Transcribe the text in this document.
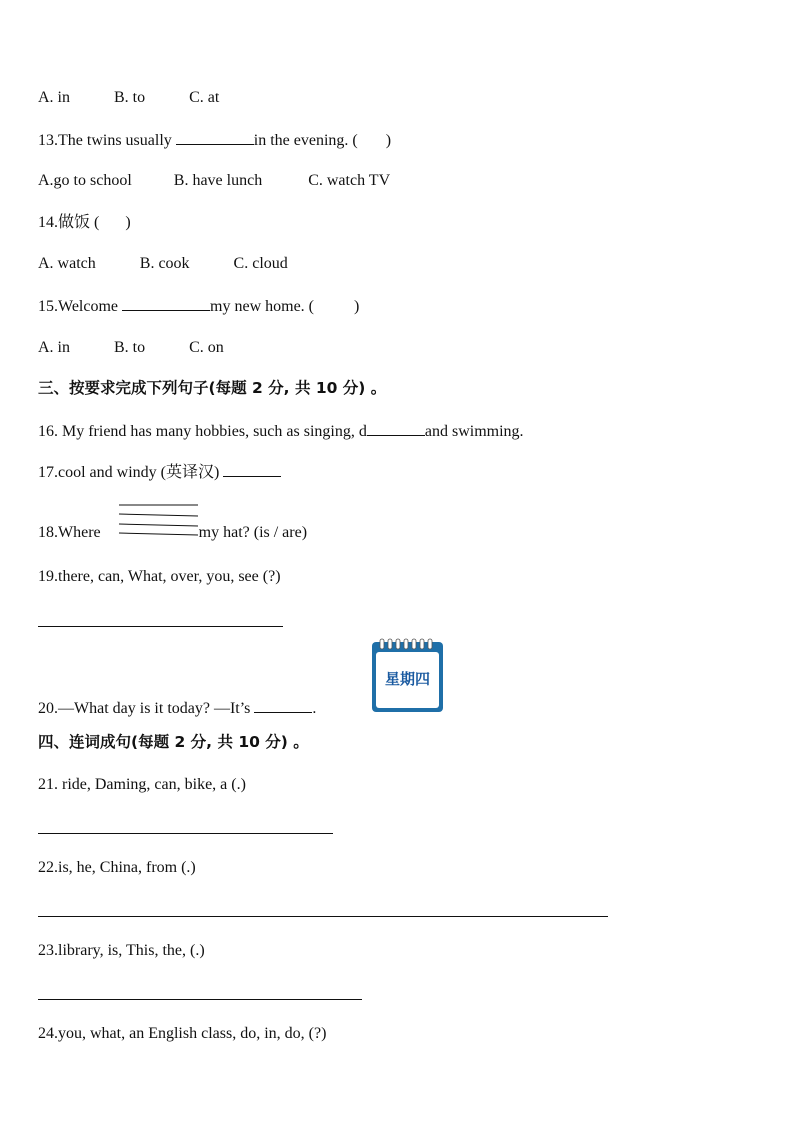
A. in	B. to	C. at
13.The twins usually	in the evening. ( )
A.go to school	B. have lunch	C. watch TV
14.做饭 ( )
A. watch	B. cook	C. cloud
15.Welcome	my new home. (	)
A. in	B. to	C. on
三、按要求完成下列句子(每题 2 分, 共 10 分) 。
16. My friend has many hobbies, such as singing, d	and swimming.
17.cool and windy (英译汉)
18.Where	my hat? (is / are)
19.there, can, What, over, you, see (?)
20.—What day is it today? —It’s	.
星期四
四、连词成句(每题 2 分, 共 10 分) 。
21. ride, Daming, can, bike, a (.)
22.is, he, China, from (.)
23.library, is, This, the, (.)
24.you, what, an English class, do, in, do, (?)
